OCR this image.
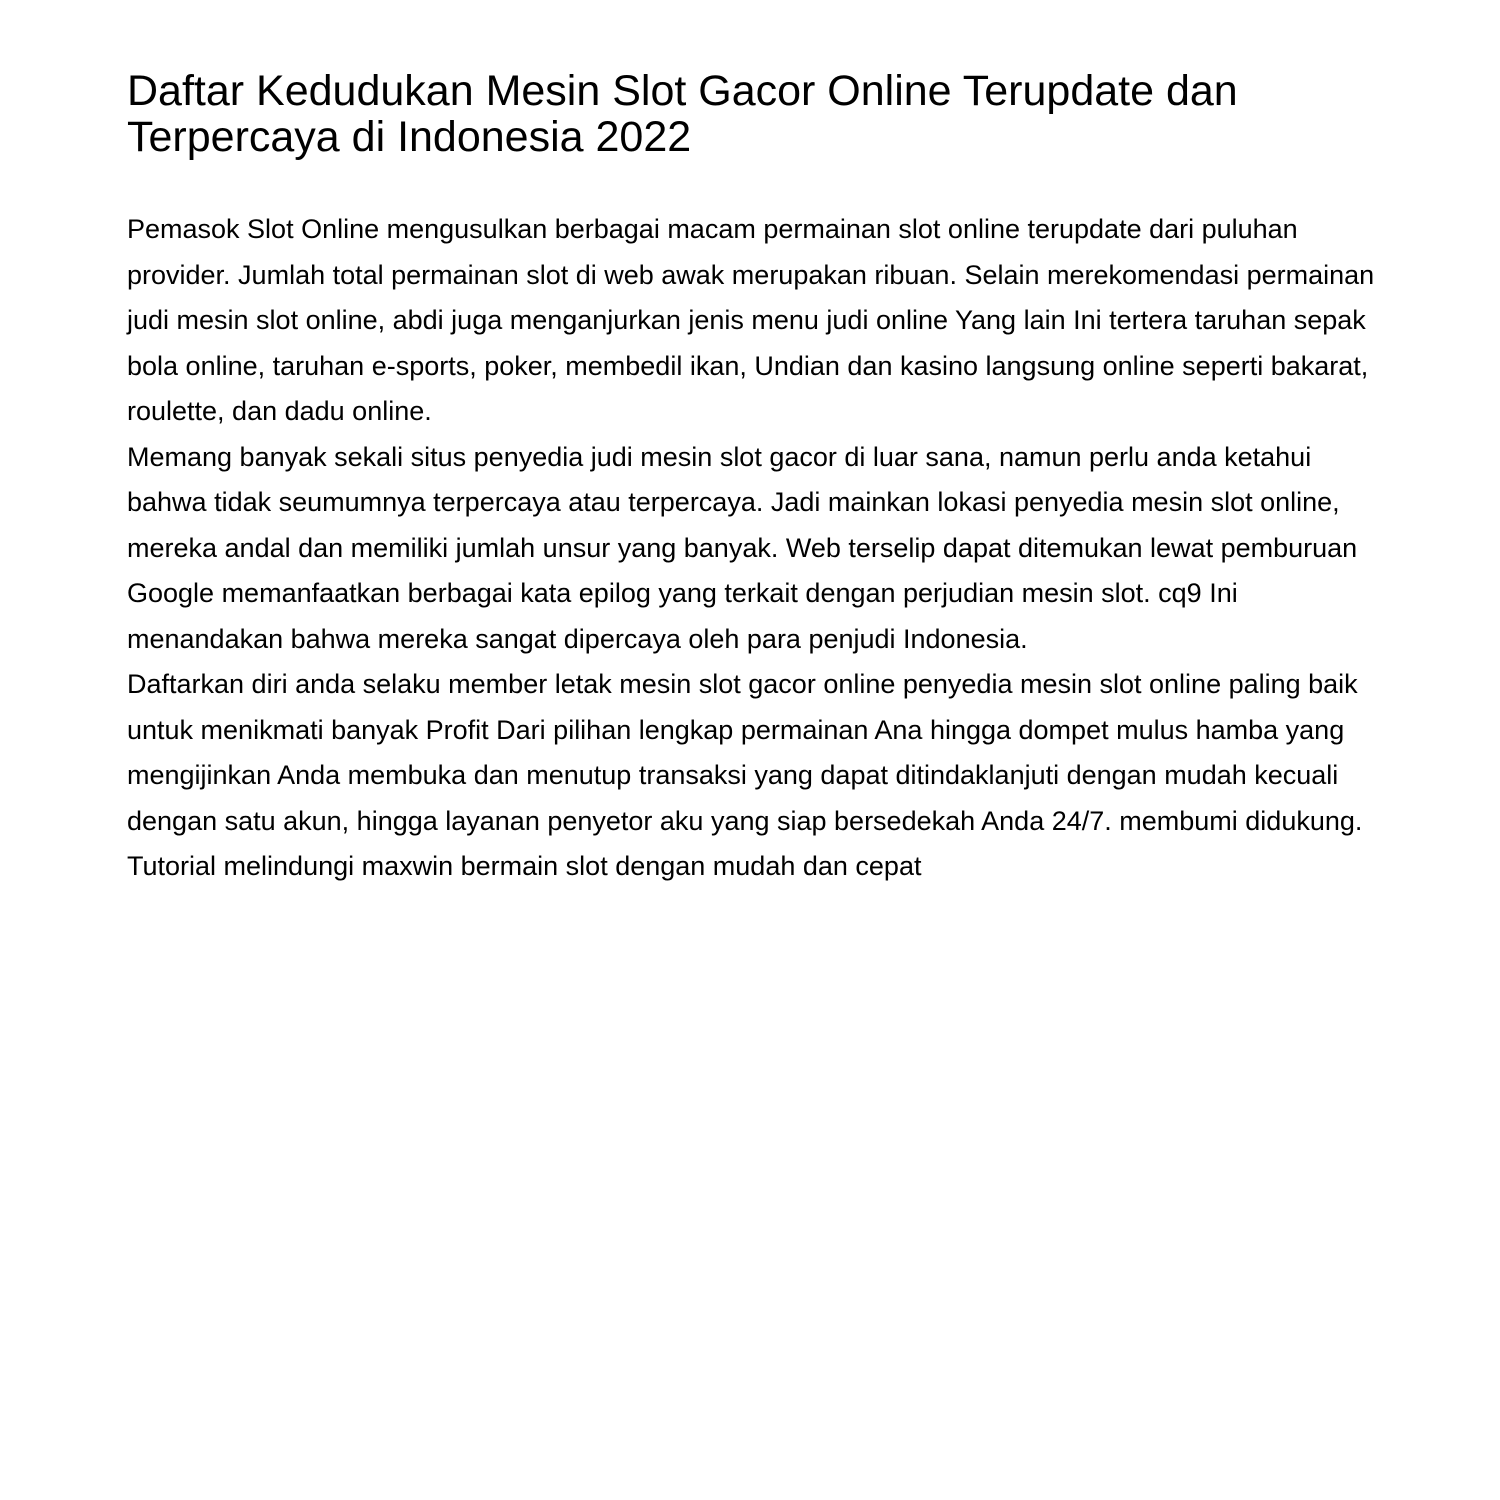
Daftar Kedudukan Mesin Slot Gacor Online Terupdate dan Terpercaya di Indonesia 2022

Pemasok Slot Online mengusulkan berbagai macam permainan slot online terupdate dari puluhan provider. Jumlah total permainan slot di web awak merupakan ribuan. Selain merekomendasi permainan judi mesin slot online, abdi juga menganjurkan jenis menu judi online Yang lain Ini tertera taruhan sepak bola online, taruhan e-sports, poker, membedil ikan, Undian dan kasino langsung online seperti bakarat, roulette, dan dadu online.

Memang banyak sekali situs penyedia judi mesin slot gacor di luar sana, namun perlu anda ketahui bahwa tidak seumumnya terpercaya atau terpercaya. Jadi mainkan lokasi penyedia mesin slot online, mereka andal dan memiliki jumlah unsur yang banyak. Web terselip dapat ditemukan lewat pemburuan Google memanfaatkan berbagai kata epilog yang terkait dengan perjudian mesin slot. cq9 Ini menandakan bahwa mereka sangat dipercaya oleh para penjudi Indonesia.

Daftarkan diri anda selaku member letak mesin slot gacor online penyedia mesin slot online paling baik untuk menikmati banyak Profit Dari pilihan lengkap permainan Ana hingga dompet mulus hamba yang mengijinkan Anda membuka dan menutup transaksi yang dapat ditindaklanjuti dengan mudah kecuali dengan satu akun, hingga layanan penyetor aku yang siap bersedekah Anda 24/7. membumi didukung.

Tutorial melindungi maxwin bermain slot dengan mudah dan cepat
